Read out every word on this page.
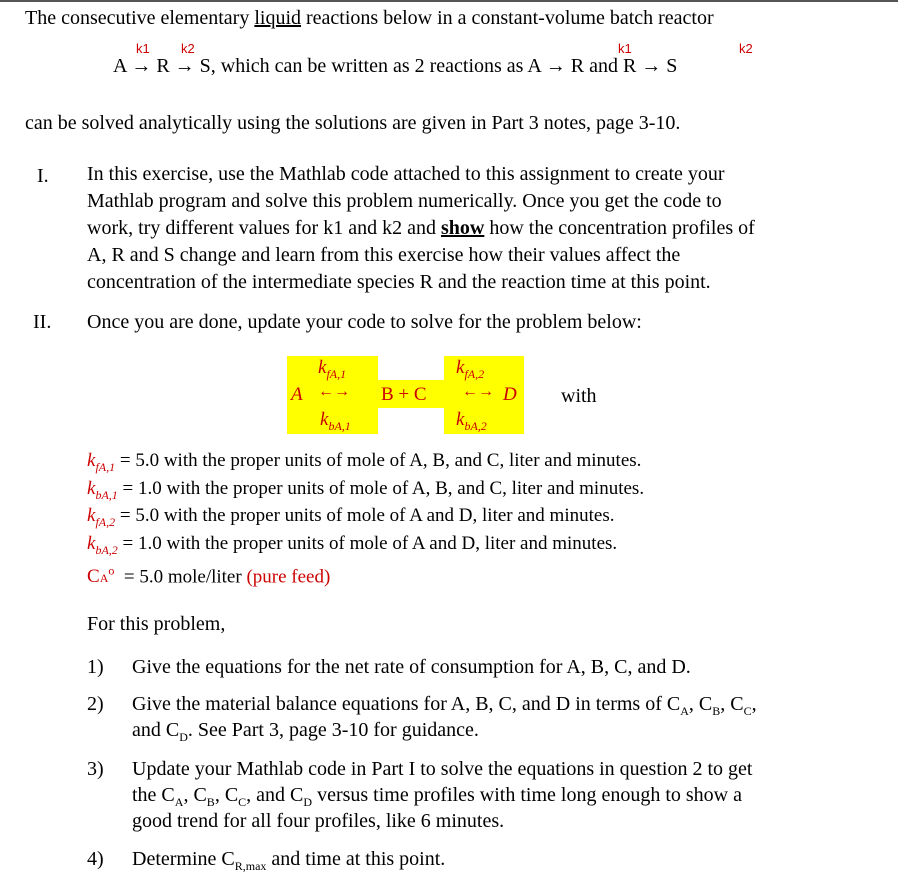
The consecutive elementary liquid reactions below in a constant-volume batch reactor
k1 k2	k1	k2
A → R → S, which can be written as 2 reactions as A → R and R → S
can be solved analytically using the solutions are given in Part 3 notes, page 3-10.
I. In this exercise, use the Mathlab code attached to this assignment to create your
Mathlab program and solve this problem numerically. Once you get the code to
work, try different values for k1 and k2 and show how the concentration profiles of
A, R and S change and learn from this exercise how their values affect the
concentration of the intermediate species R and the reaction time at this point.
II. Once you are done, update your code to solve for the problem below:
$k_{fA,1}$	$k_{fA,2}$
A ←→ B + C ←→ D with
$k_{bA,1}$	$k_{bA,2}$
$k_{fA,1} = 5.0$ with the proper units of mole of A, B, and C, liter and minutes.
$k_{bA,1} = 1.0$ with the proper units of mole of A, B, and C, liter and minutes.
$k_{fA,2} = 5.0$ with the proper units of mole of A and D, liter and minutes.
$k_{bA,2} = 1.0$ with the proper units of mole of A and D, liter and minutes.
$CA^o = 5.0$ mole/liter (pure feed)
For this problem,
1) Give the equations for the net rate of consumption for A, B, C, and D.
2) Give the material balance equations for A, B, C, and D in terms of $C_A$, $C_B$, $C_C$,
and $C_D$. See Part 3, page 3-10 for guidance.
3) Update your Mathlab code in Part I to solve the equations in question 2 to get
the $C_A$, $C_B$, $C_C$, and $C_D$ versus time profiles with time long enough to show a
good trend for all four profiles, like 6 minutes.
4) Determine $C_{R,max}$ and time at this point.
